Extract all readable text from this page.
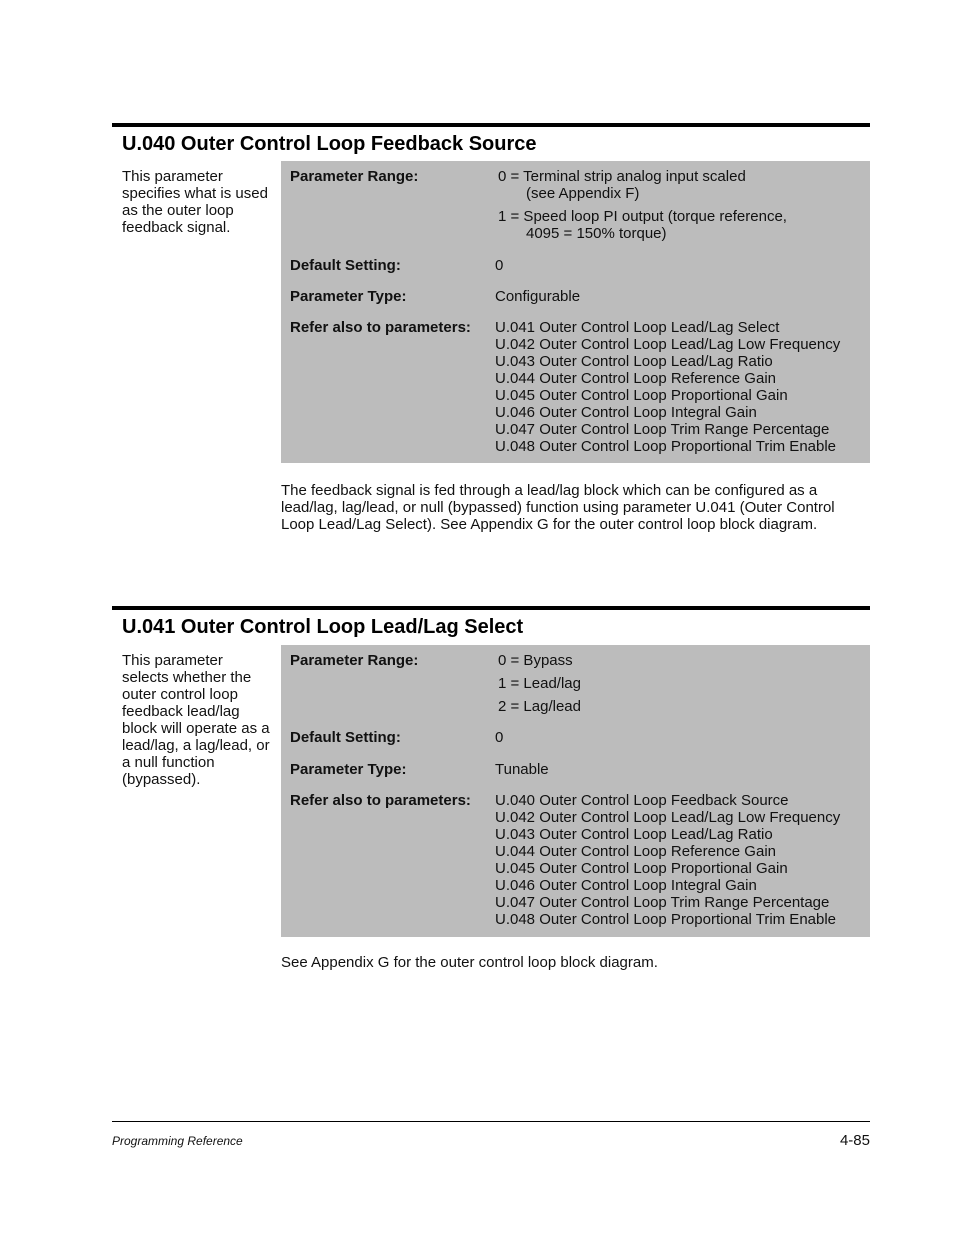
U.040 Outer Control Loop Feedback Source
This parameter specifies what is used as the outer loop feedback signal.
Parameter Range:	0 = Terminal strip analog input scaled
(see Appendix F)
1 = Speed loop PI output (torque reference,
4095 = 150% torque)
Default Setting:	0
Parameter Type:	Configurable
Refer also to parameters: U.041 Outer Control Loop Lead/Lag Select
U.042 Outer Control Loop Lead/Lag Low Frequency
U.043 Outer Control Loop Lead/Lag Ratio
U.044 Outer Control Loop Reference Gain
U.045 Outer Control Loop Proportional Gain
U.046 Outer Control Loop Integral Gain
U.047 Outer Control Loop Trim Range Percentage
U.048 Outer Control Loop Proportional Trim Enable
The feedback signal is fed through a lead/lag block which can be configured as a lead/lag, lag/lead, or null (bypassed) function using parameter U.041 (Outer Control Loop Lead/Lag Select). See Appendix G for the outer control loop block diagram.
U.041 Outer Control Loop Lead/Lag Select
This parameter selects whether the outer control loop feedback lead/lag block will operate as a lead/lag, a lag/lead, or a null function (bypassed).
Parameter Range:	0 = Bypass
1 = Lead/lag
2 = Lag/lead
Default Setting:	0
Parameter Type:	Tunable
Refer also to parameters: U.040 Outer Control Loop Feedback Source
U.042 Outer Control Loop Lead/Lag Low Frequency
U.043 Outer Control Loop Lead/Lag Ratio
U.044 Outer Control Loop Reference Gain
U.045 Outer Control Loop Proportional Gain
U.046 Outer Control Loop Integral Gain
U.047 Outer Control Loop Trim Range Percentage
U.048 Outer Control Loop Proportional Trim Enable
See Appendix G for the outer control loop block diagram.
Programming Reference	4-85
